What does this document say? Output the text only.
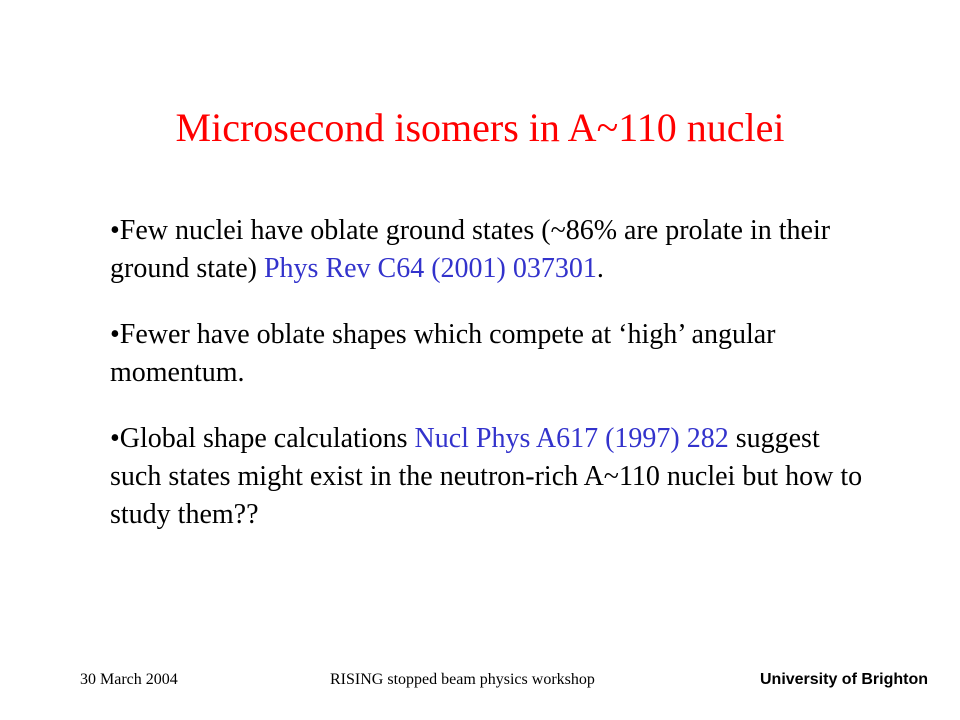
Microsecond isomers in A~110 nuclei
•Few nuclei have oblate ground states (~86% are prolate in their ground state) Phys Rev C64 (2001) 037301.
•Fewer have oblate shapes which compete at ‘high’ angular momentum.
•Global shape calculations Nucl Phys A617 (1997) 282 suggest such states might exist in the neutron-rich A~110 nuclei but how to study them??
30 March 2004	RISING stopped beam physics workshop	University of Brighton
